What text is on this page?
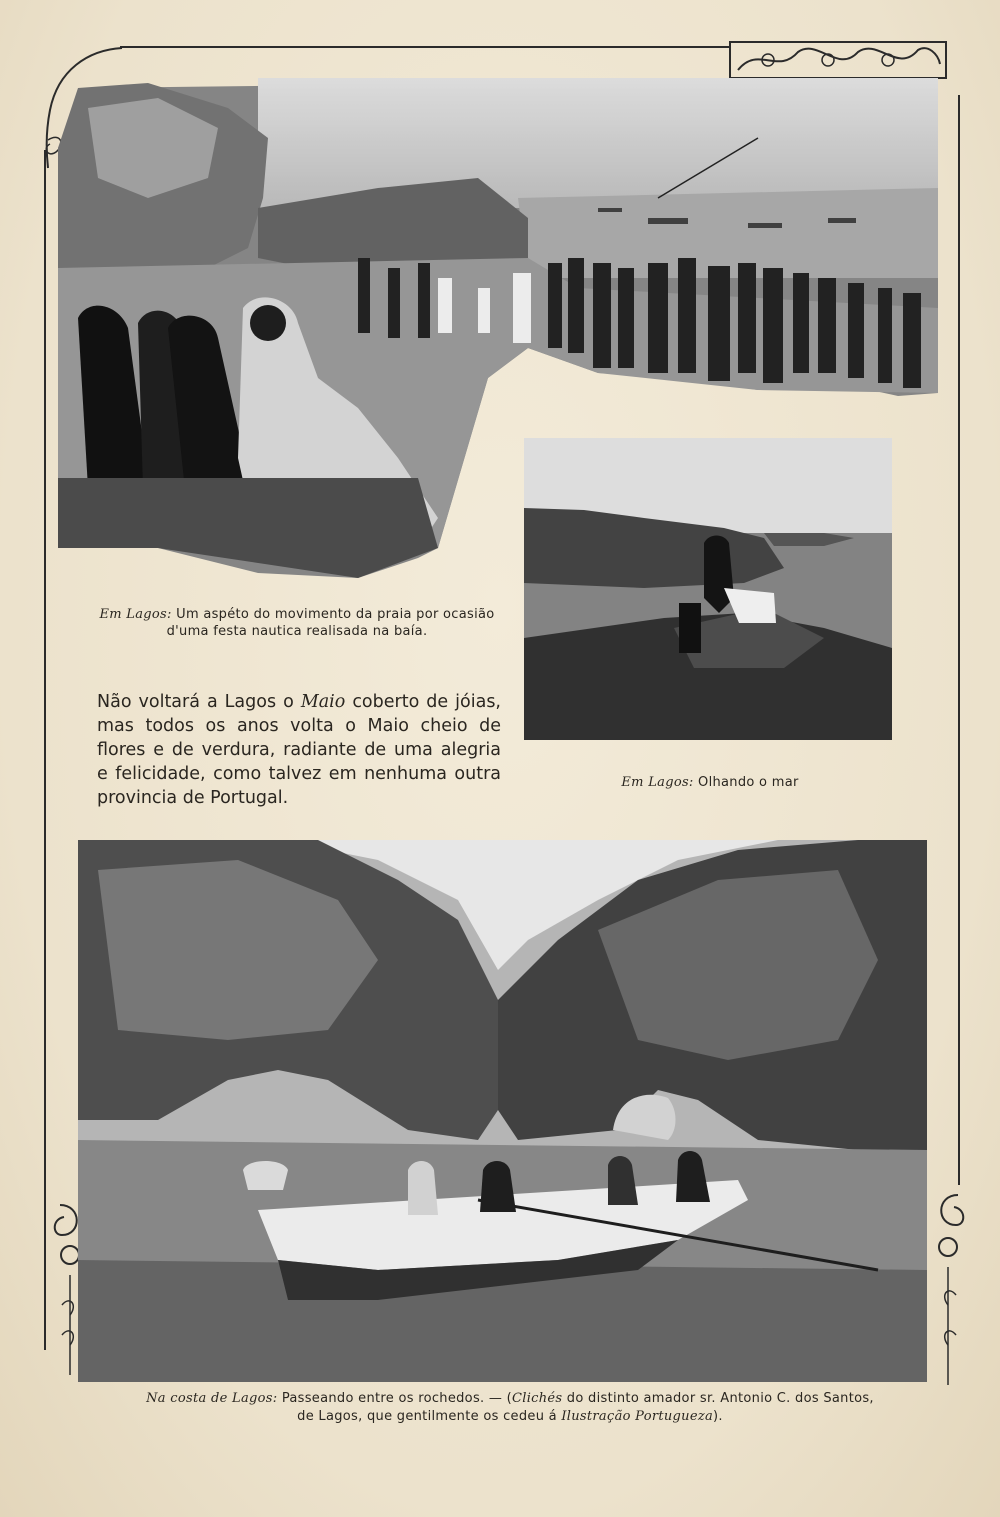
Em Lagos: Um aspéto do movimento da praia por ocasião d'uma festa nautica realisada na baía.
Não voltará a Lagos o Maio coberto de jóias, mas todos os anos volta o Maio cheio de flores e de verdura, radiante de uma alegria e felicidade, como talvez em nenhuma outra provincia de Portugal.
Em Lagos: Olhando o mar
Na costa de Lagos: Passeando entre os rochedos. — (Clichés do distinto amador sr. Antonio C. dos Santos,
de Lagos, que gentilmente os cedeu á Ilustração Portugueza).
